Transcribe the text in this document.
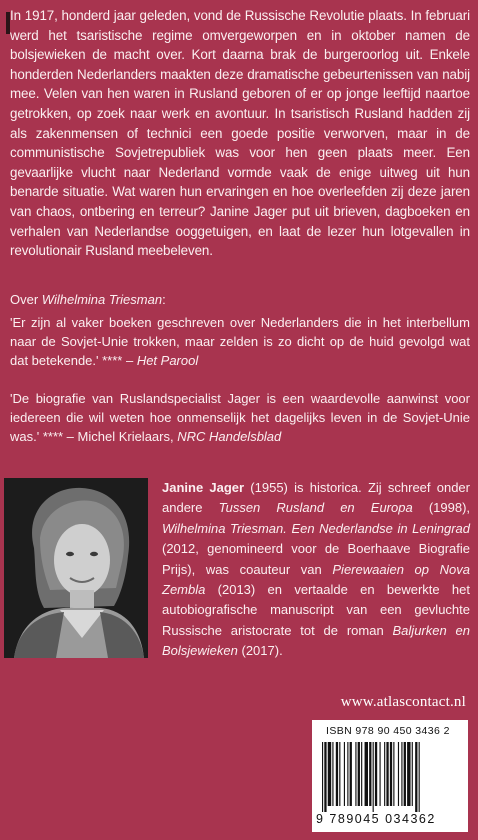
In 1917, honderd jaar geleden, vond de Russische Revolutie plaats. In februari werd het tsaristische regime omvergeworpen en in oktober namen de bolsjewieken de macht over. Kort daarna brak de burgeroorlog uit. Enkele honderden Nederlanders maakten deze dramatische gebeurtenissen van nabij mee. Velen van hen waren in Rusland geboren of er op jonge leeftijd naartoe getrokken, op zoek naar werk en avontuur. In tsaristisch Rusland hadden zij als zakenmensen of technici een goede positie verworven, maar in de communistische Sovjetrepubliek was voor hen geen plaats meer. Een gevaarlijke vlucht naar Nederland vormde vaak de enige uitweg uit hun benarde situatie. Wat waren hun ervaringen en hoe overleefden zij deze jaren van chaos, ontbering en terreur? Janine Jager put uit brieven, dagboeken en verhalen van Nederlandse ooggetuigen, en laat de lezer hun lotgevallen in revolutionair Rusland meebeleven.

Over Wilhelmina Triesman:

'Er zijn al vaker boeken geschreven over Nederlanders die in het interbellum naar de Sovjet-Unie trokken, maar zelden is zo dicht op de huid gevolgd wat dat betekende.' **** – Het Parool

'De biografie van Ruslandspecialist Jager is een waardevolle aanwinst voor iedereen die wil weten hoe onmenselijk het dagelijks leven in de Sovjet-Unie was.' **** – Michel Krielaars, NRC Handelsblad

Janine Jager (1955) is historica. Zij schreef onder andere Tussen Rusland en Europa (1998), Wilhelmina Triesman. Een Nederlandse in Leningrad (2012, genomineerd voor de Boerhaave Biografie Prijs), was coauteur van Pierewaaien op Nova Zembla (2013) en vertaalde en bewerkte het autobiografische manuscript van een gevluchte Russische aristocrate tot de roman Baljurken en Bolsjewieken (2017).
www.atlascontact.nl
ISBN 978 90 450 3436 2
9 789045 034362
